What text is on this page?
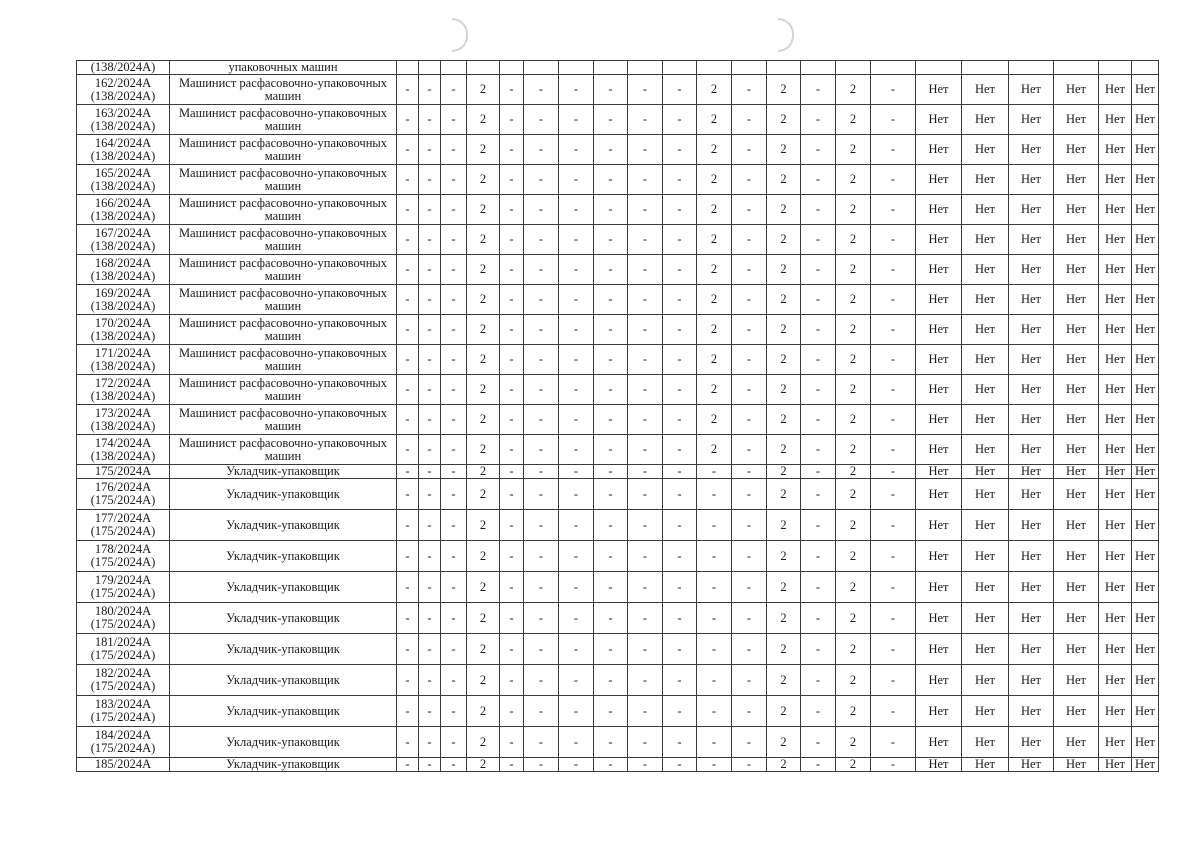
(138/2024А)	упаковочных машин																						
162/2024А (138/2024А)	Машинист расфасовочно-упаковочных машин	-	-	-	2	-	-	-	-	-	-	2	-	2	-	2	-	Нет	Нет	Нет	Нет	Нет	Нет
163/2024А (138/2024А)	Машинист расфасовочно-упаковочных машин	-	-	-	2	-	-	-	-	-	-	2	-	2	-	2	-	Нет	Нет	Нет	Нет	Нет	Нет
164/2024А (138/2024А)	Машинист расфасовочно-упаковочных машин	-	-	-	2	-	-	-	-	-	-	2	-	2	-	2	-	Нет	Нет	Нет	Нет	Нет	Нет
165/2024А (138/2024А)	Машинист расфасовочно-упаковочных машин	-	-	-	2	-	-	-	-	-	-	2	-	2	-	2	-	Нет	Нет	Нет	Нет	Нет	Нет
166/2024А (138/2024А)	Машинист расфасовочно-упаковочных машин	-	-	-	2	-	-	-	-	-	-	2	-	2	-	2	-	Нет	Нет	Нет	Нет	Нет	Нет
167/2024А (138/2024А)	Машинист расфасовочно-упаковочных машин	-	-	-	2	-	-	-	-	-	-	2	-	2	-	2	-	Нет	Нет	Нет	Нет	Нет	Нет
168/2024А (138/2024А)	Машинист расфасовочно-упаковочных машин	-	-	-	2	-	-	-	-	-	-	2	-	2	-	2	-	Нет	Нет	Нет	Нет	Нет	Нет
169/2024А (138/2024А)	Машинист расфасовочно-упаковочных машин	-	-	-	2	-	-	-	-	-	-	2	-	2	-	2	-	Нет	Нет	Нет	Нет	Нет	Нет
170/2024А (138/2024А)	Машинист расфасовочно-упаковочных машин	-	-	-	2	-	-	-	-	-	-	2	-	2	-	2	-	Нет	Нет	Нет	Нет	Нет	Нет
171/2024А (138/2024А)	Машинист расфасовочно-упаковочных машин	-	-	-	2	-	-	-	-	-	-	2	-	2	-	2	-	Нет	Нет	Нет	Нет	Нет	Нет
172/2024А (138/2024А)	Машинист расфасовочно-упаковочных машин	-	-	-	2	-	-	-	-	-	-	2	-	2	-	2	-	Нет	Нет	Нет	Нет	Нет	Нет
173/2024А (138/2024А)	Машинист расфасовочно-упаковочных машин	-	-	-	2	-	-	-	-	-	-	2	-	2	-	2	-	Нет	Нет	Нет	Нет	Нет	Нет
174/2024А (138/2024А)	Машинист расфасовочно-упаковочных машин	-	-	-	2	-	-	-	-	-	-	2	-	2	-	2	-	Нет	Нет	Нет	Нет	Нет	Нет
175/2024А	Укладчик-упаковщик	-	-	-	2	-	-	-	-	-	-	-	-	2	-	2	-	Нет	Нет	Нет	Нет	Нет	Нет
176/2024А (175/2024А)	Укладчик-упаковщик	-	-	-	2	-	-	-	-	-	-	-	-	2	-	2	-	Нет	Нет	Нет	Нет	Нет	Нет
177/2024А (175/2024А)	Укладчик-упаковщик	-	-	-	2	-	-	-	-	-	-	-	-	2	-	2	-	Нет	Нет	Нет	Нет	Нет	Нет
178/2024А (175/2024А)	Укладчик-упаковщик	-	-	-	2	-	-	-	-	-	-	-	-	2	-	2	-	Нет	Нет	Нет	Нет	Нет	Нет
179/2024А (175/2024А)	Укладчик-упаковщик	-	-	-	2	-	-	-	-	-	-	-	-	2	-	2	-	Нет	Нет	Нет	Нет	Нет	Нет
180/2024А (175/2024А)	Укладчик-упаковщик	-	-	-	2	-	-	-	-	-	-	-	-	2	-	2	-	Нет	Нет	Нет	Нет	Нет	Нет
181/2024А (175/2024А)	Укладчик-упаковщик	-	-	-	2	-	-	-	-	-	-	-	-	2	-	2	-	Нет	Нет	Нет	Нет	Нет	Нет
182/2024А (175/2024А)	Укладчик-упаковщик	-	-	-	2	-	-	-	-	-	-	-	-	2	-	2	-	Нет	Нет	Нет	Нет	Нет	Нет
183/2024А (175/2024А)	Укладчик-упаковщик	-	-	-	2	-	-	-	-	-	-	-	-	2	-	2	-	Нет	Нет	Нет	Нет	Нет	Нет
184/2024А (175/2024А)	Укладчик-упаковщик	-	-	-	2	-	-	-	-	-	-	-	-	2	-	2	-	Нет	Нет	Нет	Нет	Нет	Нет
185/2024А	Укладчик-упаковщик	-	-	-	2	-	-	-	-	-	-	-	-	2	-	2	-	Нет	Нет	Нет	Нет	Нет	Нет
